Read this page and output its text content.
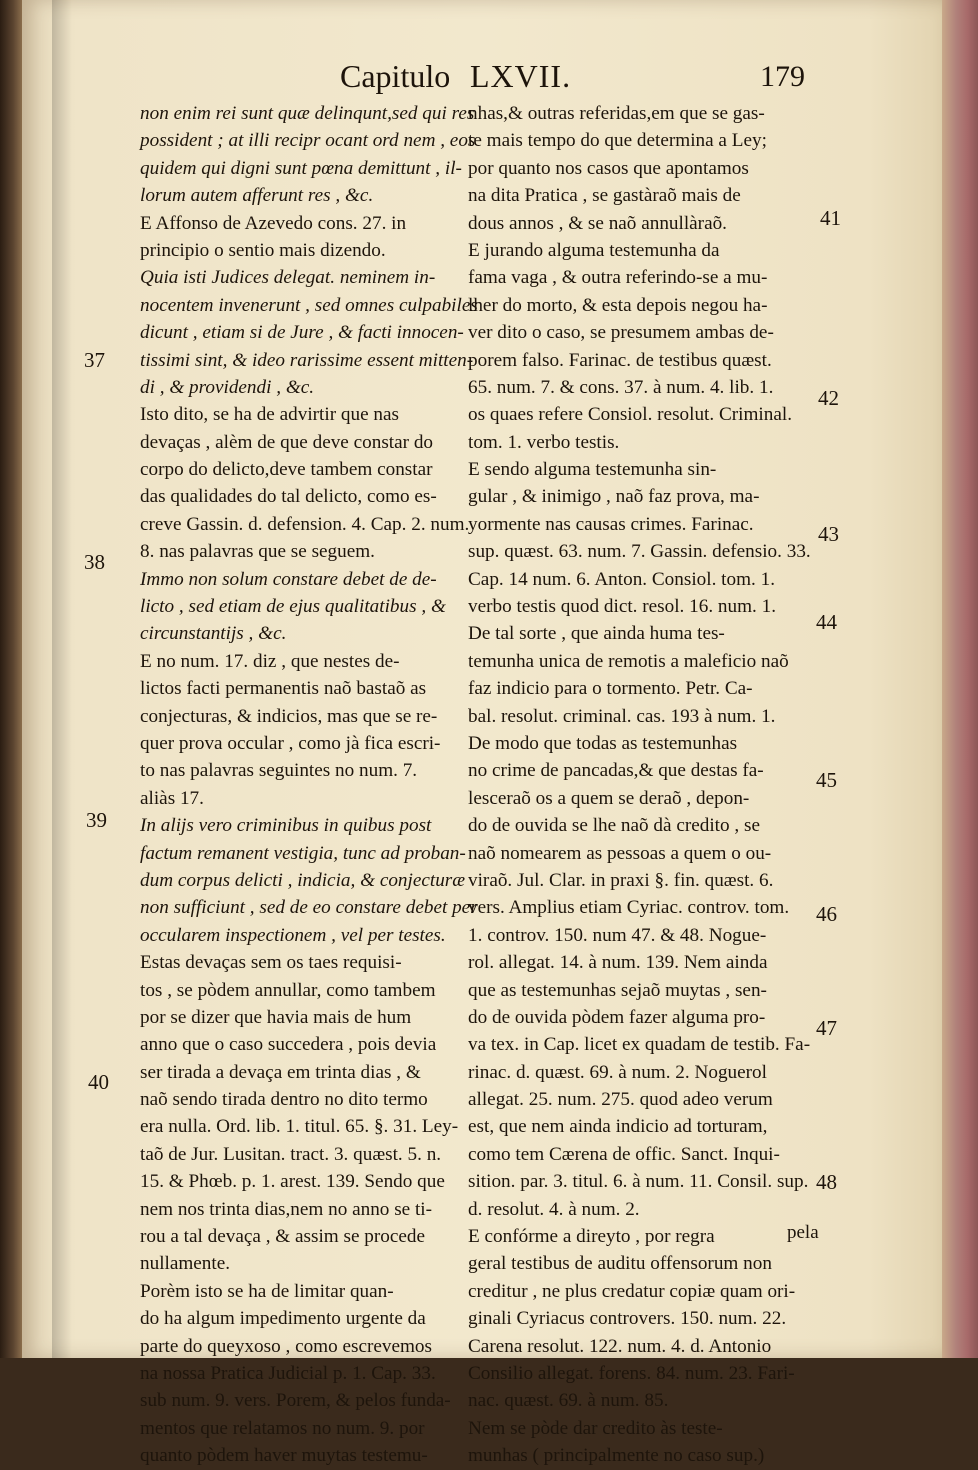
Capitulo LXVII.	179
non enim rei sunt quæ delinqunt,sed qui res
possident ; at illi recipr ocant ord nem , eos
quidem qui digni sunt pœna demittunt , il-
lorum autem afferunt res , &c.
E Affonso de Azevedo cons. 27. in
principio o sentio mais dizendo.
Quia isti Judices delegat. neminem in-
nocentem invenerunt , sed omnes culpabiles
dicunt , etiam si de Jure , & facti innocen-
tissimi sint, & ideo rarissime essent mitten-
di , & providendi , &c.
Isto dito, se ha de advirtir que nas
devaças , alèm de que deve constar do
corpo do delicto,deve tambem constar
das qualidades do tal delicto, como es-
creve Gassin. d. defension. 4. Cap. 2. num.
8. nas palavras que se seguem.
Immo non solum constare debet de de-
licto , sed etiam de ejus qualitatibus , &
circunstantijs , &c.
E no num. 17. diz , que nestes de-
lictos facti permanentis naõ bastaõ as
conjecturas, & indicios, mas que se re-
quer prova occular , como jà fica escri-
to nas palavras seguintes no num. 7.
aliàs 17.
In alijs vero criminibus in quibus post
factum remanent vestigia, tunc ad proban-
dum corpus delicti , indicia, & conjecturæ
non sufficiunt , sed de eo constare debet per
occularem inspectionem , vel per testes.
Estas devaças sem os taes requisi-
tos , se pòdem annullar, como tambem
por se dizer que havia mais de hum
anno que o caso succedera , pois devia
ser tirada a devaça em trinta dias , &
naõ sendo tirada dentro no dito termo
era nulla. Ord. lib. 1. titul. 65. §. 31. Ley-
taõ de Jur. Lusitan. tract. 3. quæst. 5. n.
15. & Phœb. p. 1. arest. 139. Sendo que
nem nos trinta dias,nem no anno se ti-
rou a tal devaça , & assim se procede
nullamente.
Porèm isto se ha de limitar quan-
do ha algum impedimento urgente da
parte do queyxoso , como escrevemos
na nossa Pratica Judicial p. 1. Cap. 33.
sub num. 9. vers. Porem, & pelos funda-
mentos que relatamos no num. 9. por
quanto pòdem haver muytas testemu-
nhas,& outras referidas,em que se gas-
te mais tempo do que determina a Ley;
por quanto nos casos que apontamos
na dita Pratica , se gastàraõ mais de
dous annos , & se naõ annullàraõ.
E jurando alguma testemunha da
fama vaga , & outra referindo-se a mu-
lher do morto, & esta depois negou ha-
ver dito o caso, se presumem ambas de-
porem falso. Farinac. de testibus quæst.
65. num. 7. & cons. 37. à num. 4. lib. 1.
os quaes refere Consiol. resolut. Criminal.
tom. 1. verbo testis.
E sendo alguma testemunha sin-
gular , & inimigo , naõ faz prova, ma-
yormente nas causas crimes. Farinac.
sup. quæst. 63. num. 7. Gassin. defensio. 33.
Cap. 14 num. 6. Anton. Consiol. tom. 1.
verbo testis quod dict. resol. 16. num. 1.
De tal sorte , que ainda huma tes-
temunha unica de remotis a maleficio naõ
faz indicio para o tormento. Petr. Ca-
bal. resolut. criminal. cas. 193 à num. 1.
De modo que todas as testemunhas
no crime de pancadas,& que destas fa-
lesceraõ os a quem se deraõ , depon-
do de ouvida se lhe naõ dà credito , se
naõ nomearem as pessoas a quem o ou-
viraõ. Jul. Clar. in praxi §. fin. quæst. 6.
vers. Amplius etiam Cyriac. controv. tom.
1. controv. 150. num 47. & 48. Nogue-
rol. allegat. 14. à num. 139. Nem ainda
que as testemunhas sejaõ muytas , sen-
do de ouvida pòdem fazer alguma pro-
va tex. in Cap. licet ex quadam de testib. Fa-
rinac. d. quæst. 69. à num. 2. Noguerol
allegat. 25. num. 275. quod adeo verum
est, que nem ainda indicio ad torturam,
como tem Cærena de offic. Sanct. Inqui-
sition. par. 3. titul. 6. à num. 11. Consil. sup.
d. resolut. 4. à num. 2.
E confórme a direyto , por regra
geral testibus de auditu offensorum non
creditur , ne plus credatur copiæ quam ori-
ginali Cyriacus controvers. 150. num. 22.
Carena resolut. 122. num. 4. d. Antonio
Consilio allegat. forens. 84. num. 23. Fari-
nac. quæst. 69. à num. 85.
Nem se pòde dar credito às teste-
munhas ( principalmente no caso sup.)
37
38
39
40
41
42
43
44
45
46
47
48
pela
